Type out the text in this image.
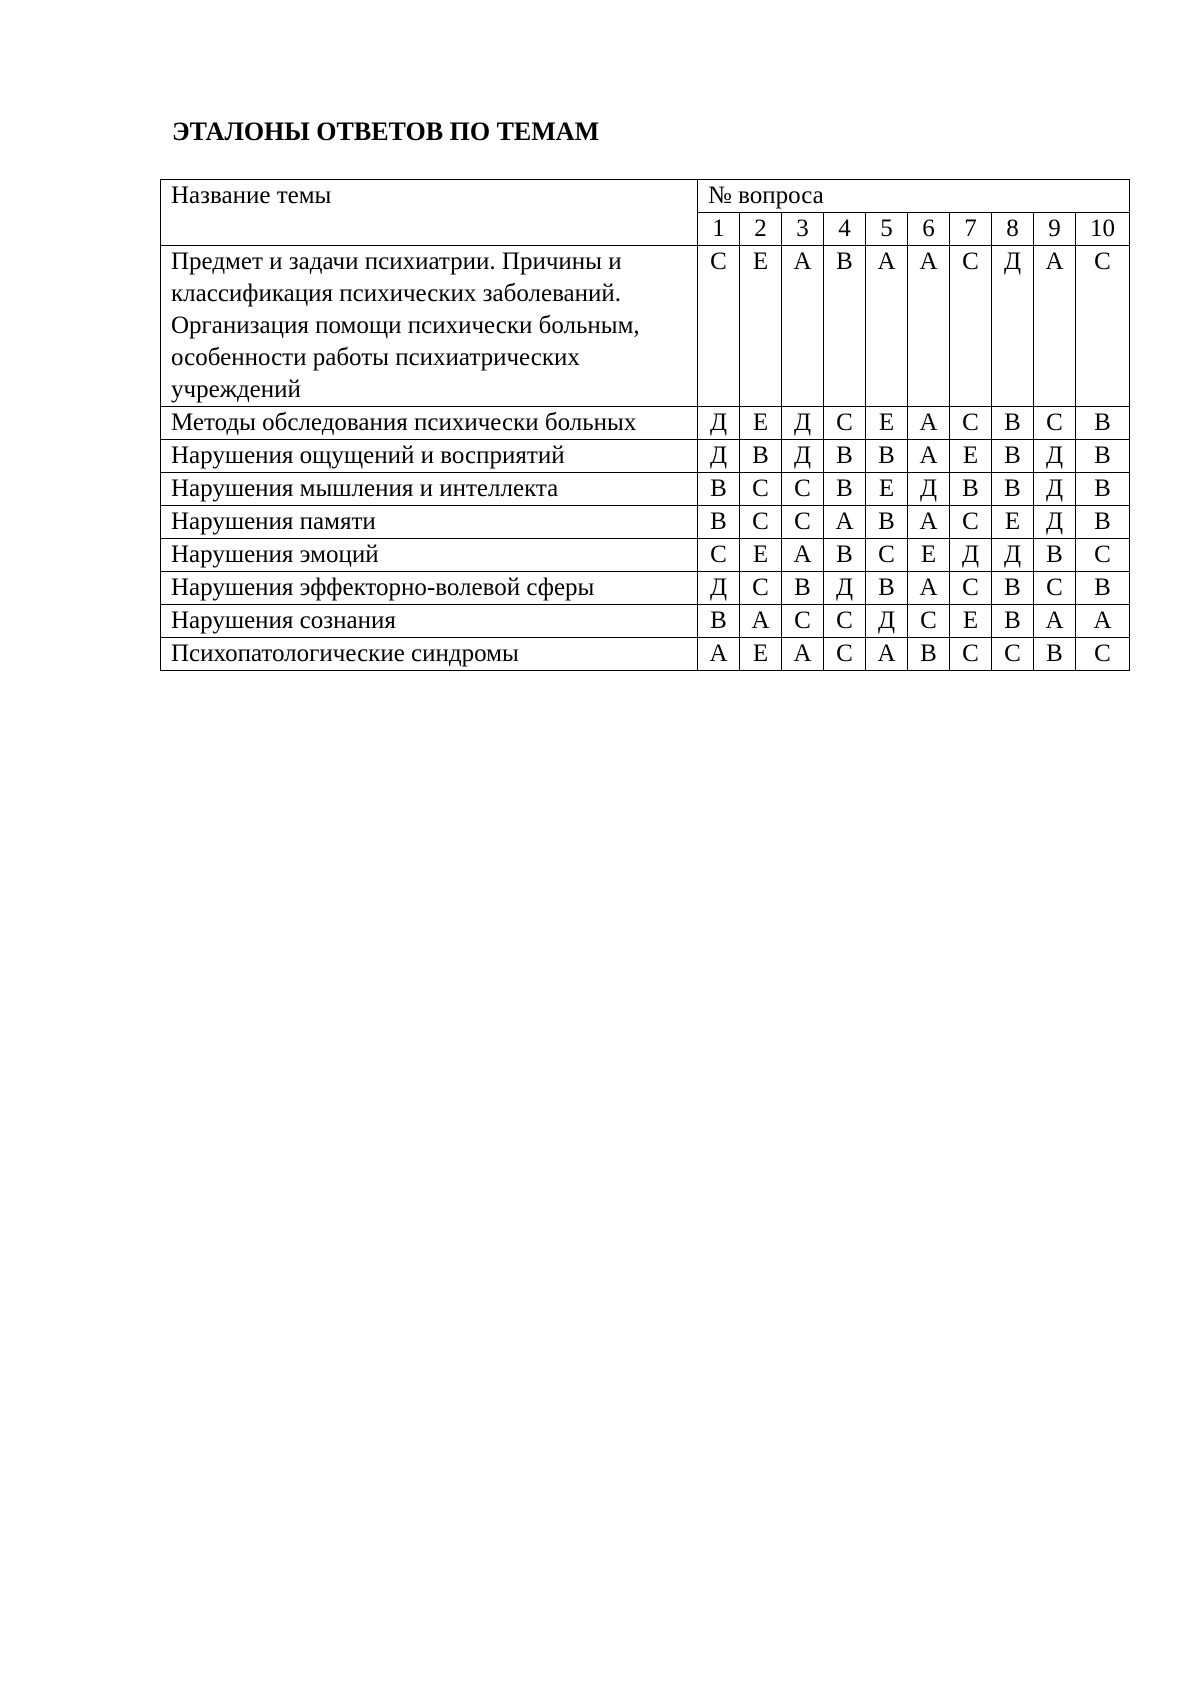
ЭТАЛОНЫ ОТВЕТОВ ПО ТЕМАМ
Название темы	№ вопроса									
	1	2	3	4	5	6	7	8	9	10
Предмет и задачи психиатрии. Причины и классификация психических заболеваний. Организация помощи психически больным, особенности работы психиатрических учреждений	С	Е	А	В	А	А	С	Д	А	С
Методы обследования психически больных	Д	Е	Д	С	Е	А	С	В	С	В
Нарушения ощущений и восприятий	Д	В	Д	В	В	А	Е	В	Д	В
Нарушения мышления и интеллекта	В	С	С	В	Е	Д	В	В	Д	В
Нарушения памяти	В	С	С	А	В	А	С	Е	Д	В
Нарушения эмоций	С	Е	А	В	С	Е	Д	Д	В	С
Нарушения эффекторно-волевой сферы	Д	С	В	Д	В	А	С	В	С	В
Нарушения сознания	В	А	С	С	Д	С	Е	В	А	А
Психопатологические синдромы	А	Е	А	С	А	В	С	С	В	С
